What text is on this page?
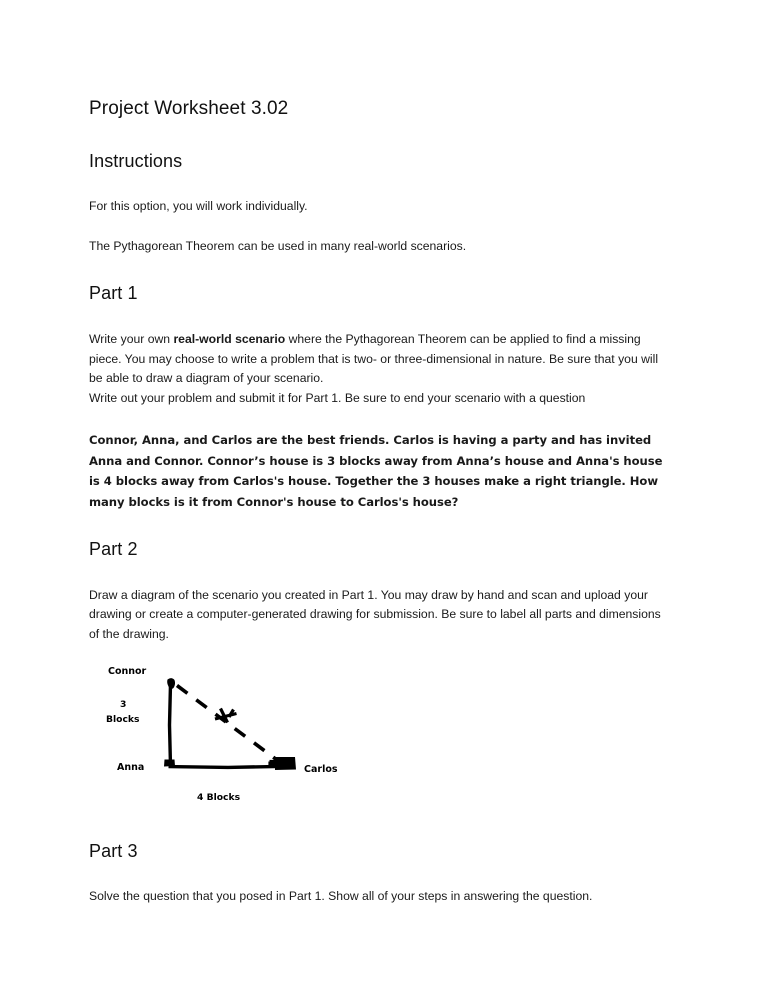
Project Worksheet 3.02
Instructions

For this option, you will work individually.

The Pythagorean Theorem can be used in many real-world scenarios.

Part 1

Write your own real-world scenario where the Pythagorean Theorem can be applied to find a missing piece. You may choose to write a problem that is two- or three-dimensional in nature. Be sure that you will be able to draw a diagram of your scenario.

Write out your problem and submit it for Part 1. Be sure to end your scenario with a question

Connor, Anna, and Carlos are the best friends. Carlos is having a party and has invited Anna and Connor. Connor’s house is 3 blocks away from Anna’s house and Anna's house is 4 blocks away from Carlos's house. Together the 3 houses make a right triangle. How many blocks is it from Connor's house to Carlos's house?

Part 2

Draw a diagram of the scenario you created in Part 1. You may draw by hand and scan and upload your drawing or create a computer-generated drawing for submission. Be sure to label all parts and dimensions of the drawing.

Connor
3
Blocks
Anna	Carlos
4 Blocks
Part 3

Solve the question that you posed in Part 1. Show all of your steps in answering the question.
